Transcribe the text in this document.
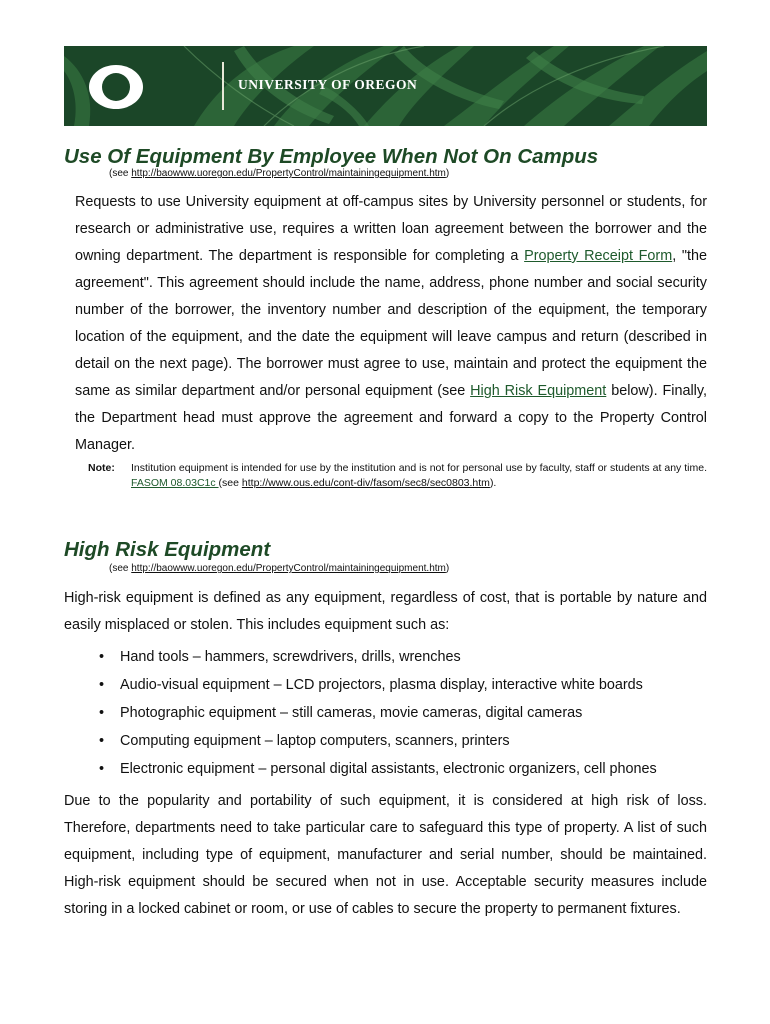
UNIVERSITY OF OREGON
Use Of Equipment By Employee When Not On Campus
(see http://baowww.uoregon.edu/PropertyControl/maintainingequipment.htm)

Requests to use University equipment at off-campus sites by University personnel or students, for research or administrative use, requires a written loan agreement between the borrower and the owning department. The department is responsible for completing a Property Receipt Form, "the agreement". This agreement should include the name, address, phone number and social security number of the borrower, the inventory number and description of the equipment, the temporary location of the equipment, and the date the equipment will leave campus and return (described in detail on the next page). The borrower must agree to use, maintain and protect the equipment the same as similar department and/or personal equipment (see High Risk Equipment below). Finally, the Department head must approve the agreement and forward a copy to the Property Control Manager.

Note: Institution equipment is intended for use by the institution and is not for personal use by faculty, staff or students at any time. FASOM 08.03C1c (see http://www.ous.edu/cont-div/fasom/sec8/sec0803.htm).
High Risk Equipment
(see http://baowww.uoregon.edu/PropertyControl/maintainingequipment.htm)

High-risk equipment is defined as any equipment, regardless of cost, that is portable by nature and easily misplaced or stolen. This includes equipment such as:

• Hand tools – hammers, screwdrivers, drills, wrenches
• Audio-visual equipment – LCD projectors, plasma display, interactive white boards
• Photographic equipment – still cameras, movie cameras, digital cameras
• Computing equipment – laptop computers, scanners, printers
• Electronic equipment – personal digital assistants, electronic organizers, cell phones

Due to the popularity and portability of such equipment, it is considered at high risk of loss. Therefore, departments need to take particular care to safeguard this type of property. A list of such equipment, including type of equipment, manufacturer and serial number, should be maintained. High-risk equipment should be secured when not in use. Acceptable security measures include storing in a locked cabinet or room, or use of cables to secure the property to permanent fixtures.
